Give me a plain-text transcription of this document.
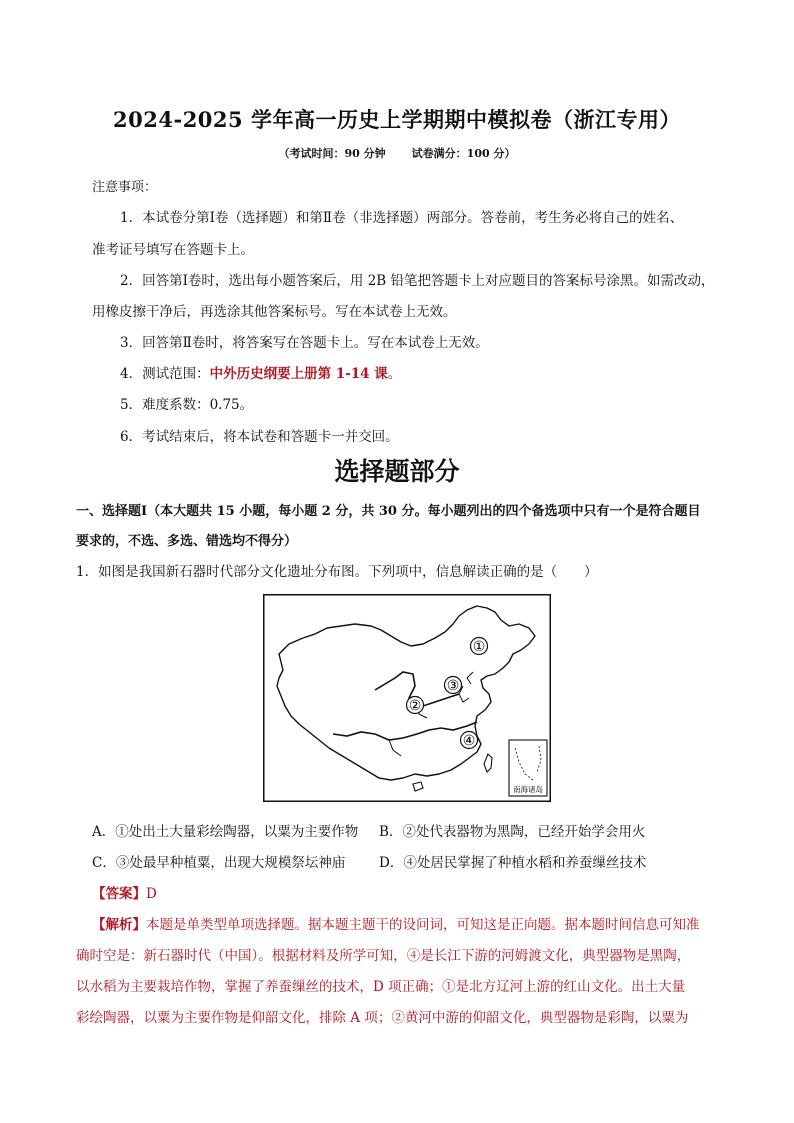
2024-2025 学年高一历史上学期期中模拟卷（浙江专用）
（考试时间：90 分钟 试卷满分：100 分）
注意事项：
1．本试卷分第Ⅰ卷（选择题）和第Ⅱ卷（非选择题）两部分。答卷前，考生务必将自己的姓名、
准考证号填写在答题卡上。
2．回答第Ⅰ卷时，选出每小题答案后，用 2B 铅笔把答题卡上对应题目的答案标号涂黑。如需改动，
用橡皮擦干净后，再选涂其他答案标号。写在本试卷上无效。
3．回答第Ⅱ卷时，将答案写在答题卡上。写在本试卷上无效。
4．测试范围：中外历史纲要上册第 1-14 课。
5．难度系数：0.75。
6．考试结束后，将本试卷和答题卡一并交回。
选择题部分
一、选择题Ⅰ（本大题共 15 小题，每小题 2 分，共 30 分。每小题列出的四个备选项中只有一个是符合题目
要求的，不选、多选、错选均不得分）
1．如图是我国新石器时代部分文化遗址分布图。下列项中，信息解读正确的是（　　）
南海诸岛
①
②
③
④
A．①处出土大量彩绘陶器，以粟为主要作物 B．②处代表器物为黑陶，已经开始学会用火
C．③处最早种植粟，出现大规模祭坛神庙 D．④处居民掌握了种植水稻和养蚕缫丝技术
【答案】D
【解析】本题是单类型单项选择题。据本题主题干的设问词，可知这是正向题。据本题时间信息可知准
确时空是：新石器时代（中国）。根据材料及所学可知，④是长江下游的河姆渡文化，典型器物是黑陶，
以水稻为主要栽培作物，掌握了养蚕缫丝的技术，D 项正确；①是北方辽河上游的红山文化。出土大量
彩绘陶器，以粟为主要作物是仰韶文化，排除 A 项；②黄河中游的仰韶文化，典型器物是彩陶，以粟为
